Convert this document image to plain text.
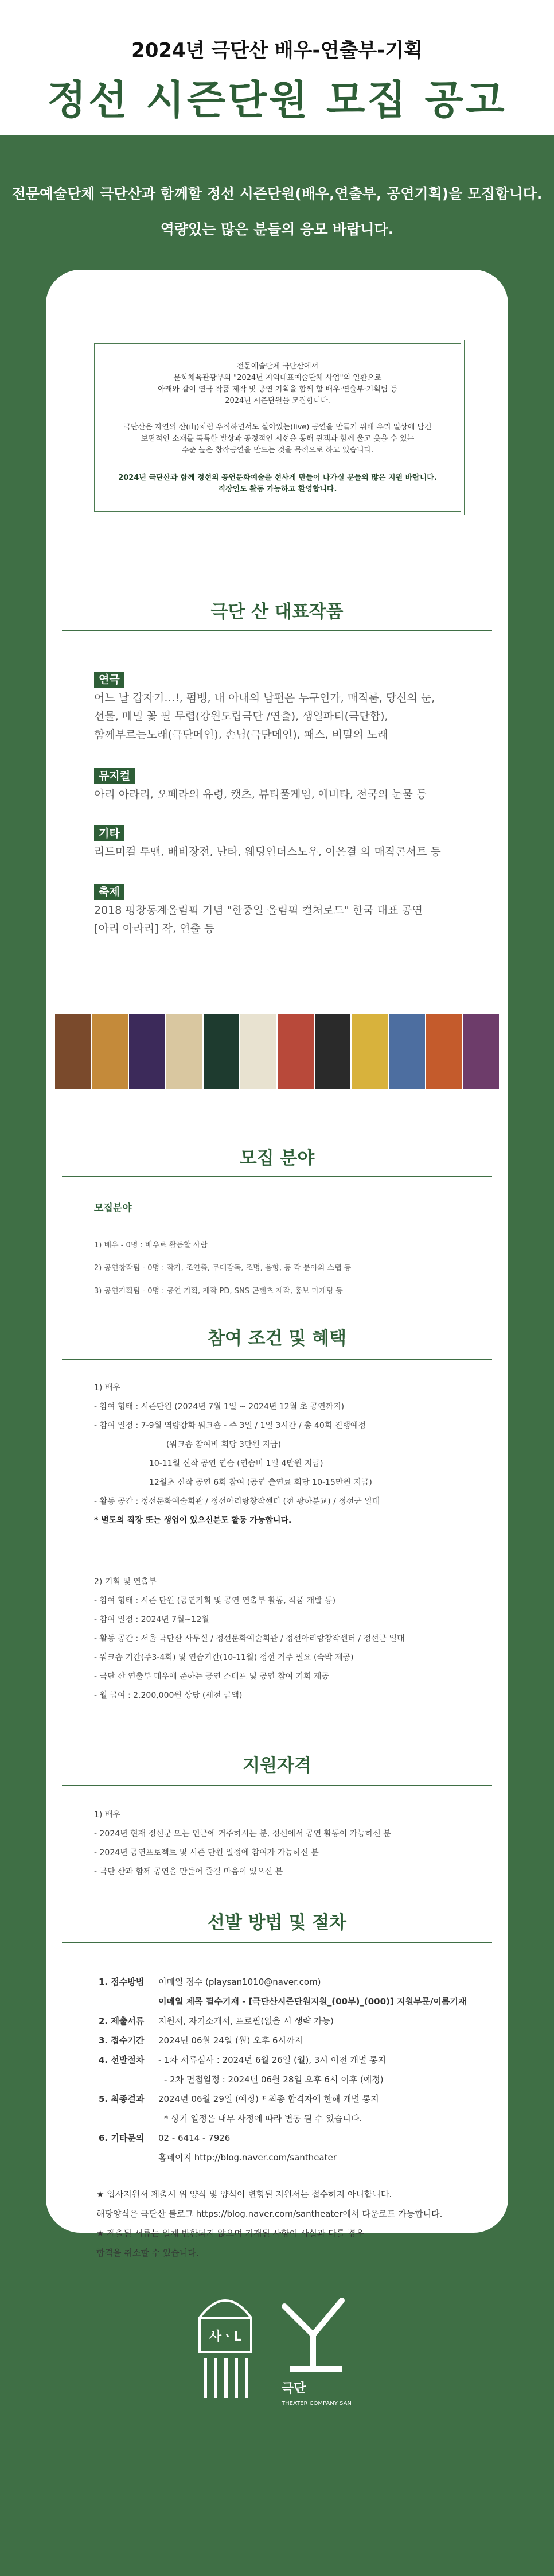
2024년 극단산 배우-연출부-기획
정선 시즌단원 모집 공고
전문예술단체 극단산과 함께할 정선 시즌단원(배우,연출부, 공연기획)을 모집합니다.
역량있는 많은 분들의 응모 바랍니다.

전문예술단체 극단산에서

문화체육관광부의 "2024년 지역대표예술단체 사업"의 일환으로

아래와 같이 연극 작품 제작 및 공연 기획을 함께 할 배우·연출부·기획팀 등

2024년 시즌단원을 모집합니다.

극단산은 자연의 산(山)처럼 우직하면서도 살아있는(live) 공연을 만들기 위해 우리 일상에 담긴

보편적인 소재를 독특한 발상과 공정적인 시선을 통해 관객과 함께 울고 웃을 수 있는

수준 높은 창작공연을 만드는 것을 목적으로 하고 있습니다.

2024년 극단산과 함께 정선의 공연문화예술을 선사게 만들어 나가실 분들의 많은 지원 바랍니다.

직장인도 활동 가능하고 환영합니다.

극단 산 대표작품
연극
어느 날 갑자기…!, 펌벵, 내 아내의 남편은 누구인가, 매직룸, 당신의 눈,
선물, 메밀 꽃 필 무렵(강원도립극단 /연출), 생일파티(극단합),
함께부르는노래(극단메인), 손님(극단메인), 패스, 비밀의 노래
뮤지컬
아리 아라리, 오페라의 유령, 캣츠, 뷰티풀게임, 에비타, 전국의 눈물 등
기타
리드미컬 투맨, 배비장전, 난타, 웨딩인더스노우, 이은결 의 매직콘서트 등
축제
2018 평창동계올림픽 기념 "한중일 올림픽 컬처로드" 한국 대표 공연
[아리 아라리] 작, 연출 등
모집 분야
모집분야
1) 배우 - 0명 : 배우로 활동할 사람
2) 공연창작팀 - 0명 : 작가, 조연출, 무대감독, 조명, 음향, 등 각 분야의 스탭 등
3) 공연기획팀 - 0명 : 공연 기획, 제작 PD, SNS 콘텐츠 제작, 홍보 마케팅 등
참여 조건 및 혜택
1) 배우
- 참여 형태 : 시즌단원 (2024년 7월 1일 ~ 2024년 12월 초 공연까지)
- 참여 일정 : 7-9월 역량강화 워크숍 - 주 3일 / 1일 3시간 / 총 40회 진행예정
(워크숍 참여비 회당 3만원 지급)
10-11월 신작 공연 연습 (연습비 1일 4만원 지급)
12월초 신작 공연 6회 참여 (공연 출연료 회당 10-15만원 지급)
- 활동 공간 : 정선문화예술회관 / 정선아리랑창작센터 (전 광하분교) / 정선군 일대
* 별도의 직장 또는 생업이 있으신분도 활동 가능합니다.
2) 기획 및 연출부
- 참여 형태 : 시즌 단원 (공연기획 및 공연 연출부 활동, 작품 개발 등)
- 참여 일정 : 2024년 7월~12월
- 활동 공간 : 서울 극단산 사무실 / 정선문화예술회관 / 정선아리랑창작센터 / 정선군 일대
- 워크숍 기간(주3-4회) 및 연습기간(10-11월) 정선 거주 필요 (숙박 제공)
- 극단 산 연출부 대우에 준하는 공연 스태프 및 공연 참여 기회 제공
- 월 급여 : 2,200,000원 상당 (세전 금액)
지원자격
1) 배우
- 2024년 현재 정선군 또는 인근에 거주하시는 분, 정선에서 공연 활동이 가능하신 분
- 2024년 공연프로젝트 및 시즌 단원 일정에 참여가 가능하신 분
- 극단 산과 함께 공연을 만들어 즐길 마음이 있으신 분
선발 방법 및 절차
1. 접수방법 이메일 접수 (playsan1010@naver.com)
이메일 제목 필수기재 - [극단산시즌단원지원_(00부)_(000)] 지원부문/이름기재
2. 제출서류 지원서, 자기소개서, 프로필(없을 시 생략 가능)
3. 접수기간 2024년 06월 24일 (월) 오후 6시까지
4. 선발절차 - 1차 서류심사 : 2024년 6월 26일 (월), 3시 이전 개별 통지
- 2차 면접일정 : 2024년 06월 28일 오후 6시 이후 (예정)
5. 최종결과 2024년 06월 29일 (예정) * 최종 합격자에 한해 개별 통지
* 상기 일정은 내부 사정에 따라 변동 될 수 있습니다.
6. 기타문의 02 - 6414 - 7926
홈페이지 http://blog.naver.com/santheater
★ 입사지원서 제출시 위 양식 및 양식이 변형된 지원서는 접수하지 아니합니다.
해당양식은 극단산 블로그 https://blog.naver.com/santheater에서 다운로드 가능합니다.
★ 제출된 서류는 일체 반환되지 않으며 기재된 사항이 사실과 다를 경우
합격을 취소할 수 있습니다.
사ㆍL
극단
THEATER COMPANY SAN
